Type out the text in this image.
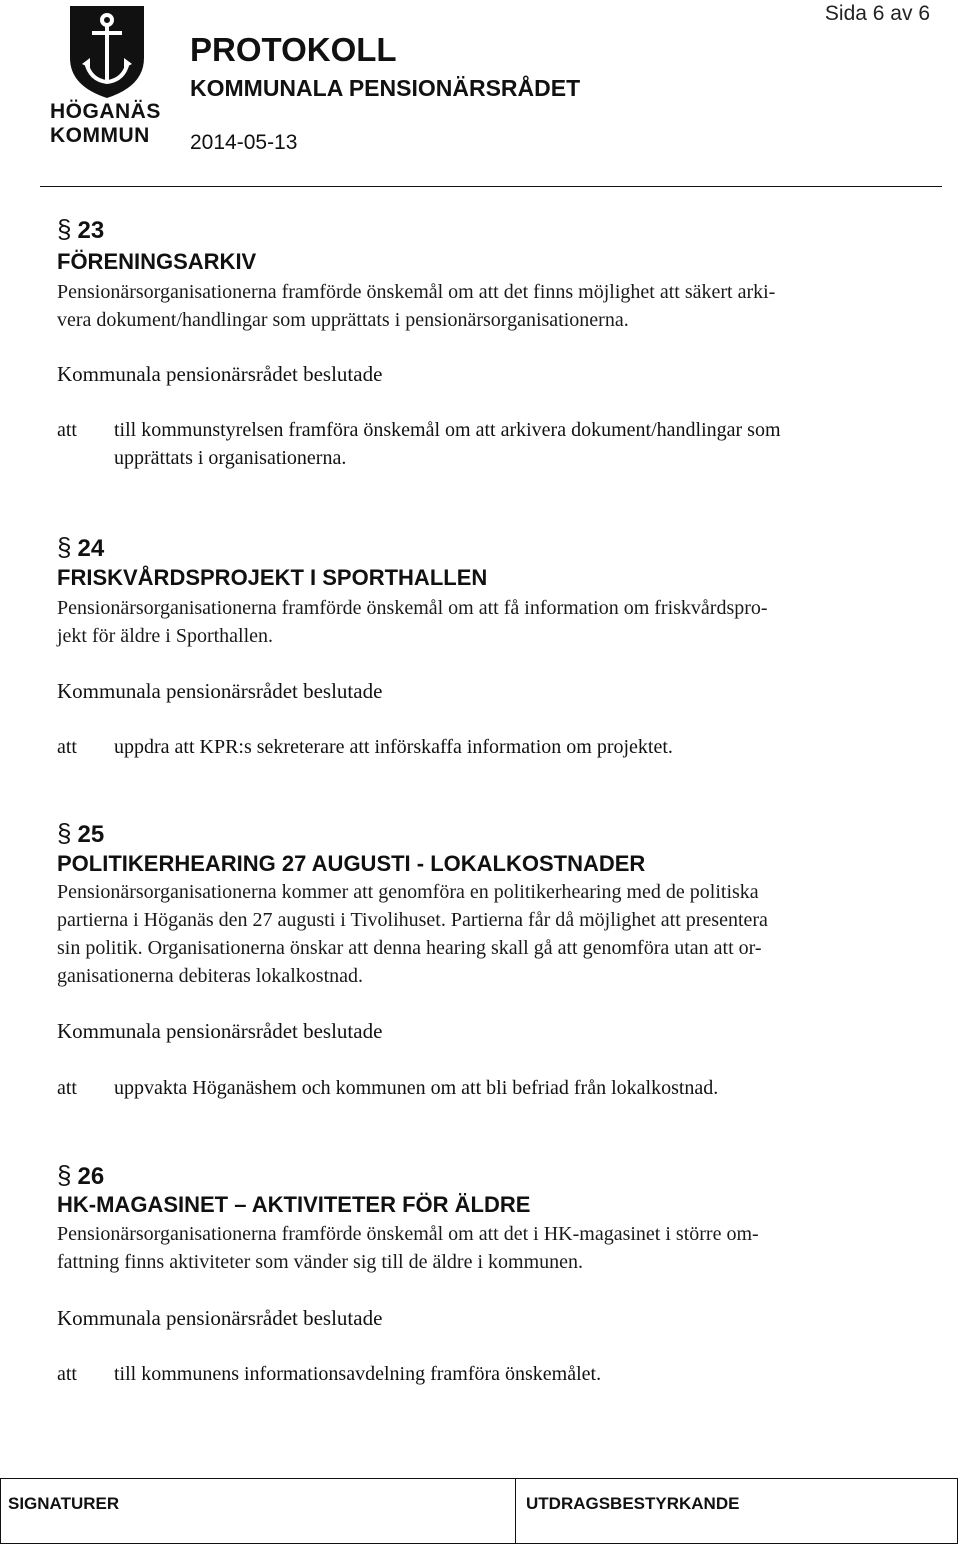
HÖGANÄS
KOMMUN
Sida 6 av 6
PROTOKOLL
KOMMUNALA PENSIONÄRSRÅDET
2014-05-13
§ 23
FÖRENINGSARKIV
Pensionärsorganisationerna framförde önskemål om att det finns möjlighet att säkert arki-
vera dokument/handlingar som upprättats i pensionärsorganisationerna.
Kommunala pensionärsrådet beslutade
att till kommunstyrelsen framföra önskemål om att arkivera dokument/handlingar som
upprättats i organisationerna.
§ 24
FRISKVÅRDSPROJEKT I SPORTHALLEN
Pensionärsorganisationerna framförde önskemål om att få information om friskvårdspro-
jekt för äldre i Sporthallen.
Kommunala pensionärsrådet beslutade
att uppdra att KPR:s sekreterare att införskaffa information om projektet.
§ 25
POLITIKERHEARING 27 AUGUSTI - LOKALKOSTNADER
Pensionärsorganisationerna kommer att genomföra en politikerhearing med de politiska
partierna i Höganäs den 27 augusti i Tivolihuset. Partierna får då möjlighet att presentera
sin politik. Organisationerna önskar att denna hearing skall gå att genomföra utan att or-
ganisationerna debiteras lokalkostnad.
Kommunala pensionärsrådet beslutade
att uppvakta Höganäshem och kommunen om att bli befriad från lokalkostnad.
§ 26
HK-MAGASINET – AKTIVITETER FÖR ÄLDRE
Pensionärsorganisationerna framförde önskemål om att det i HK-magasinet i större om-
fattning finns aktiviteter som vänder sig till de äldre i kommunen.
Kommunala pensionärsrådet beslutade
att till kommunens informationsavdelning framföra önskemålet.
SIGNATURER	UTDRAGSBESTYRKANDE
